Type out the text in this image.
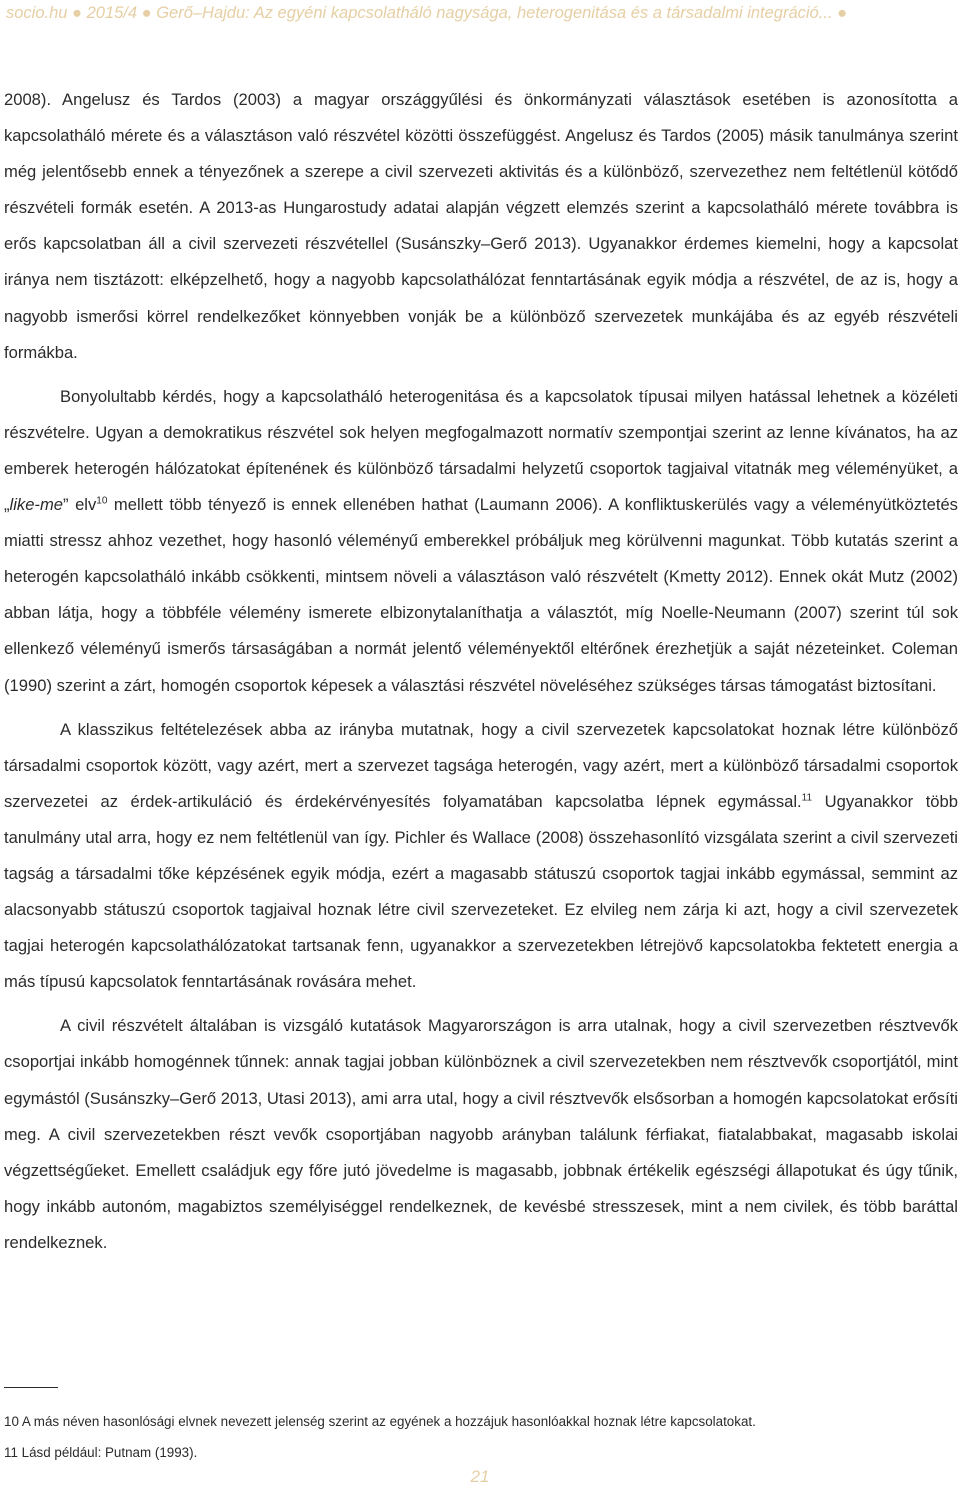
socio.hu ● 2015/4 ● Gerő–Hajdu: Az egyéni kapcsolatháló nagysága, heterogenitása és a társadalmi integráció... ●

2008). Angelusz és Tardos (2003) a magyar országgyűlési és önkormányzati választások esetében is azonosította a kapcsolatháló mérete és a választáson való részvétel közötti összefüggést. Angelusz és Tardos (2005) másik tanulmánya szerint még jelentősebb ennek a tényezőnek a szerepe a civil szervezeti aktivitás és a különböző, szervezethez nem feltétlenül kötődő részvételi formák esetén. A 2013-as Hungarostudy adatai alapján végzett elemzés szerint a kapcsolatháló mérete továbbra is erős kapcsolatban áll a civil szervezeti részvétellel (Susánszky–Gerő 2013). Ugyanakkor érdemes kiemelni, hogy a kapcsolat iránya nem tisztázott: elképzelhető, hogy a nagyobb kapcsolathálózat fenntartásának egyik módja a részvétel, de az is, hogy a nagyobb ismerősi körrel rendelkezőket könnyebben vonják be a különböző szervezetek munkájába és az egyéb részvételi formákba.

Bonyolultabb kérdés, hogy a kapcsolatháló heterogenitása és a kapcsolatok típusai milyen hatással lehetnek a közéleti részvételre. Ugyan a demokratikus részvétel sok helyen megfogalmazott normatív szempontjai szerint az lenne kívánatos, ha az emberek heterogén hálózatokat építenének és különböző társadalmi helyzetű csoportok tagjaival vitatnák meg véleményüket, a „like-me” elv$^{10}$ mellett több tényező is ennek ellenében hathat (Laumann 2006). A konfliktuskerülés vagy a véleményütköztetés miatti stressz ahhoz vezethet, hogy hasonló véleményű emberekkel próbáljuk meg körülvenni magunkat. Több kutatás szerint a heterogén kapcsolatháló inkább csökkenti, mintsem növeli a választáson való részvételt (Kmetty 2012). Ennek okát Mutz (2002) abban látja, hogy a többféle vélemény ismerete elbizonytalaníthatja a választót, míg Noelle-Neumann (2007) szerint túl sok ellenkező véleményű ismerős társaságában a normát jelentő véleményektől eltérőnek érezhetjük a saját nézeteinket. Coleman (1990) szerint a zárt, homogén csoportok képesek a választási részvétel növeléséhez szükséges társas támogatást biztosítani.

A klasszikus feltételezések abba az irányba mutatnak, hogy a civil szervezetek kapcsolatokat hoznak létre különböző társadalmi csoportok között, vagy azért, mert a szervezet tagsága heterogén, vagy azért, mert a különböző társadalmi csoportok szervezetei az érdek-artikuláció és érdekérvényesítés folyamatában kapcsolatba lépnek egymással.$^{11}$ Ugyanakkor több tanulmány utal arra, hogy ez nem feltétlenül van így. Pichler és Wallace (2008) összehasonlító vizsgálata szerint a civil szervezeti tagság a társadalmi tőke képzésének egyik módja, ezért a magasabb státuszú csoportok tagjai inkább egymással, semmint az alacsonyabb státuszú csoportok tagjaival hoznak létre civil szervezeteket. Ez elvileg nem zárja ki azt, hogy a civil szervezetek tagjai heterogén kapcsolathálózatokat tartsanak fenn, ugyanakkor a szervezetekben létrejövő kapcsolatokba fektetett energia a más típusú kapcsolatok fenntartásának rovására mehet.

A civil részvételt általában is vizsgáló kutatások Magyarországon is arra utalnak, hogy a civil szervezetben résztvevők csoportjai inkább homogénnek tűnnek: annak tagjai jobban különböznek a civil szervezetekben nem résztvevők csoportjától, mint egymástól (Susánszky–Gerő 2013, Utasi 2013), ami arra utal, hogy a civil résztvevők elsősorban a homogén kapcsolatokat erősíti meg. A civil szervezetekben részt vevők csoportjában nagyobb arányban találunk férfiakat, fiatalabbakat, magasabb iskolai végzettségűeket. Emellett családjuk egy főre jutó jövedelme is magasabb, jobbnak értékelik egészségi állapotukat és úgy tűnik, hogy inkább autonóm, magabiztos személyiséggel rendelkeznek, de kevésbé stresszesek, mint a nem civilek, és több baráttal rendelkeznek.

10 A más néven hasonlósági elvnek nevezett jelenség szerint az egyének a hozzájuk hasonlóakkal hoznak létre kapcsolatokat.
11 Lásd például: Putnam (1993).
21
